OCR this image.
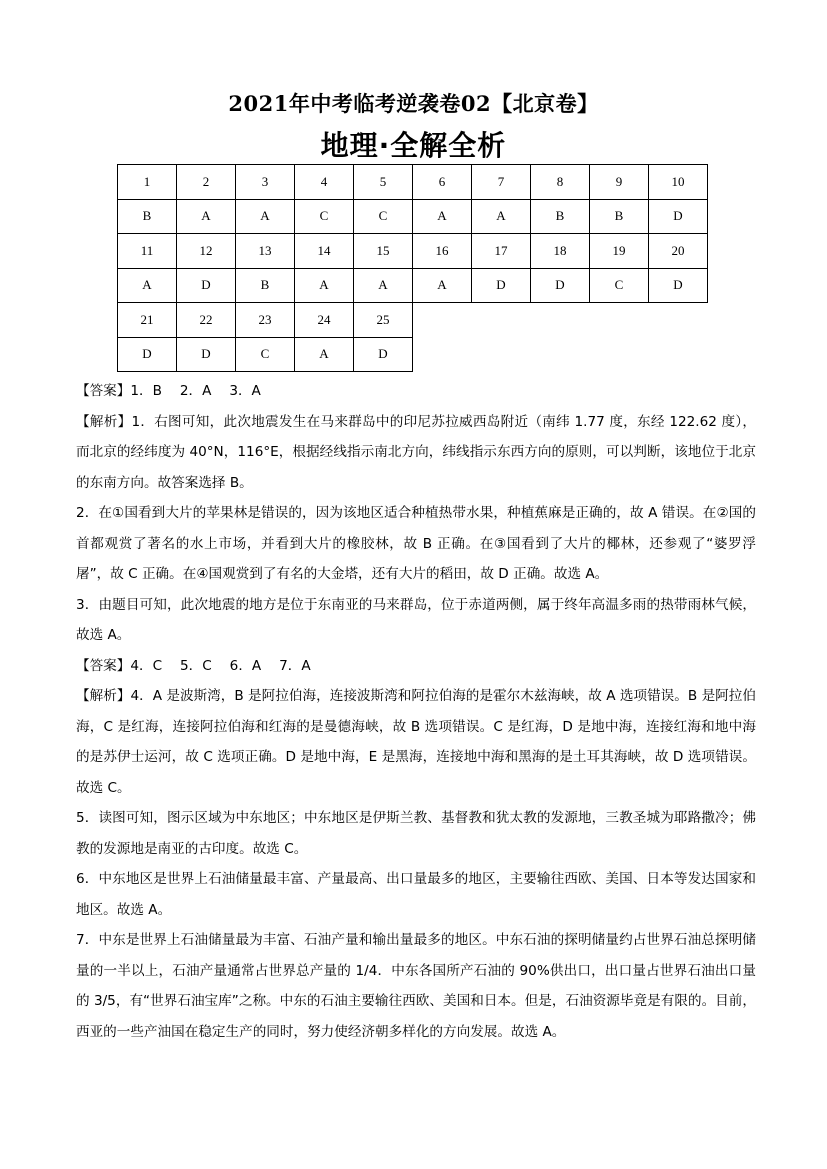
2021年中考临考逆袭卷02【北京卷】
地理·全解全析
1	2	3	4	5	6	7	8	9	10
B	A	A	C	C	A	A	B	B	D
11	12	13	14	15	16	17	18	19	20
A	D	B	A	A	A	D	D	C	D
21	22	23	24	25					
D	D	C	A	D					

【答案】1．B　 2．A　 3．A

【解析】1．右图可知，此次地震发生在马来群岛中的印尼苏拉威西岛附近（南纬 1.77 度，东经 122.62 度），而北京的经纬度为 40°N，116°E，根据经线指示南北方向，纬线指示东西方向的原则，可以判断，该地位于北京的东南方向。故答案选择 B。

2．在①国看到大片的苹果林是错误的，因为该地区适合种植热带水果，种植蕉麻是正确的，故 A 错误。在②国的首都观赏了著名的水上市场，并看到大片的橡胶林，故 B 正确。在③国看到了大片的椰林，还参观了“婆罗浮屠”，故 C 正确。在④国观赏到了有名的大金塔，还有大片的稻田，故 D 正确。故选 A。

3．由题目可知，此次地震的地方是位于东南亚的马来群岛，位于赤道两侧，属于终年高温多雨的热带雨林气候，故选 A。

【答案】4．C　 5．C　 6．A　 7．A

【解析】4．A 是波斯湾，B 是阿拉伯海，连接波斯湾和阿拉伯海的是霍尔木兹海峡，故 A 选项错误。B 是阿拉伯海，C 是红海，连接阿拉伯海和红海的是曼德海峡，故 B 选项错误。C 是红海，D 是地中海，连接红海和地中海的是苏伊士运河，故 C 选项正确。D 是地中海，E 是黑海，连接地中海和黑海的是土耳其海峡，故 D 选项错误。故选 C。

5．读图可知，图示区域为中东地区；中东地区是伊斯兰教、基督教和犹太教的发源地，三教圣城为耶路撒冷；佛教的发源地是南亚的古印度。故选 C。

6．中东地区是世界上石油储量最丰富、产量最高、出口量最多的地区，主要输往西欧、美国、日本等发达国家和地区。故选 A。

7．中东是世界上石油储量最为丰富、石油产量和输出量最多的地区。中东石油的探明储量约占世界石油总探明储量的一半以上，石油产量通常占世界总产量的 1/4．中东各国所产石油的 90%供出口，出口量占世界石油出口量的 3/5，有“世界石油宝库”之称。中东的石油主要输往西欧、美国和日本。但是，石油资源毕竟是有限的。目前，西亚的一些产油国在稳定生产的同时，努力使经济朝多样化的方向发展。故选 A。
